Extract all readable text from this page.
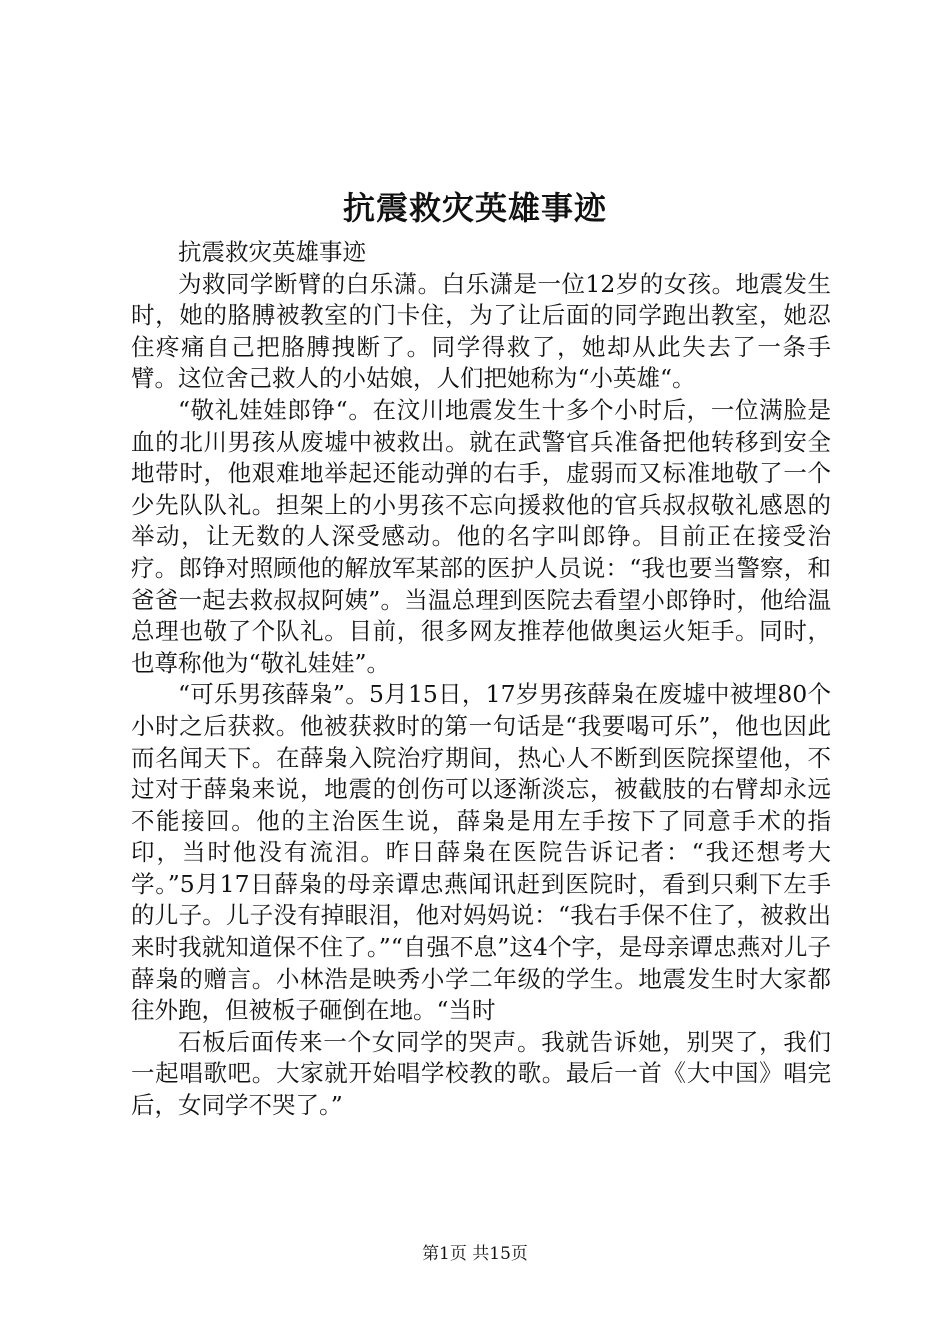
抗震救灾英雄事迹

抗震救灾英雄事迹

为救同学断臂的白乐潇。白乐潇是一位12岁的女孩。地震发生时，她的胳膊被教室的门卡住，为了让后面的同学跑出教室，她忍住疼痛自己把胳膊拽断了。同学得救了，她却从此失去了一条手臂。这位舍己救人的小姑娘，人们把她称为“小英雄“。

“敬礼娃娃郎铮“。在汶川地震发生十多个小时后，一位满脸是血的北川男孩从废墟中被救出。就在武警官兵准备把他转移到安全地带时，他艰难地举起还能动弹的右手，虚弱而又标准地敬了一个少先队队礼。担架上的小男孩不忘向援救他的官兵叔叔敬礼感恩的举动，让无数的人深受感动。他的名字叫郎铮。目前正在接受治疗。郎铮对照顾他的解放军某部的医护人员说：“我也要当警察，和爸爸一起去救叔叔阿姨”。当温总理到医院去看望小郎铮时，他给温总理也敬了个队礼。目前，很多网友推荐他做奥运火矩手。同时，也尊称他为“敬礼娃娃”。

“可乐男孩薛枭”。5月15日，17岁男孩薛枭在废墟中被埋80个小时之后获救。他被获救时的第一句话是“我要喝可乐”，他也因此而名闻天下。在薛枭入院治疗期间，热心人不断到医院探望他，不过对于薛枭来说，地震的创伤可以逐渐淡忘，被截肢的右臂却永远不能接回。他的主治医生说，薛枭是用左手按下了同意手术的指印，当时他没有流泪。昨日薛枭在医院告诉记者：“我还想考大学。”5月17日薛枭的母亲谭忠燕闻讯赶到医院时，看到只剩下左手的儿子。儿子没有掉眼泪，他对妈妈说：“我右手保不住了，被救出来时我就知道保不住了。”“自强不息”这4个字，是母亲谭忠燕对儿子薛枭的赠言。小林浩是映秀小学二年级的学生。地震发生时大家都往外跑，但被板子砸倒在地。“当时

石板后面传来一个女同学的哭声。我就告诉她，别哭了，我们一起唱歌吧。大家就开始唱学校教的歌。最后一首《大中国》唱完后，女同学不哭了。”

第1页 共15页
